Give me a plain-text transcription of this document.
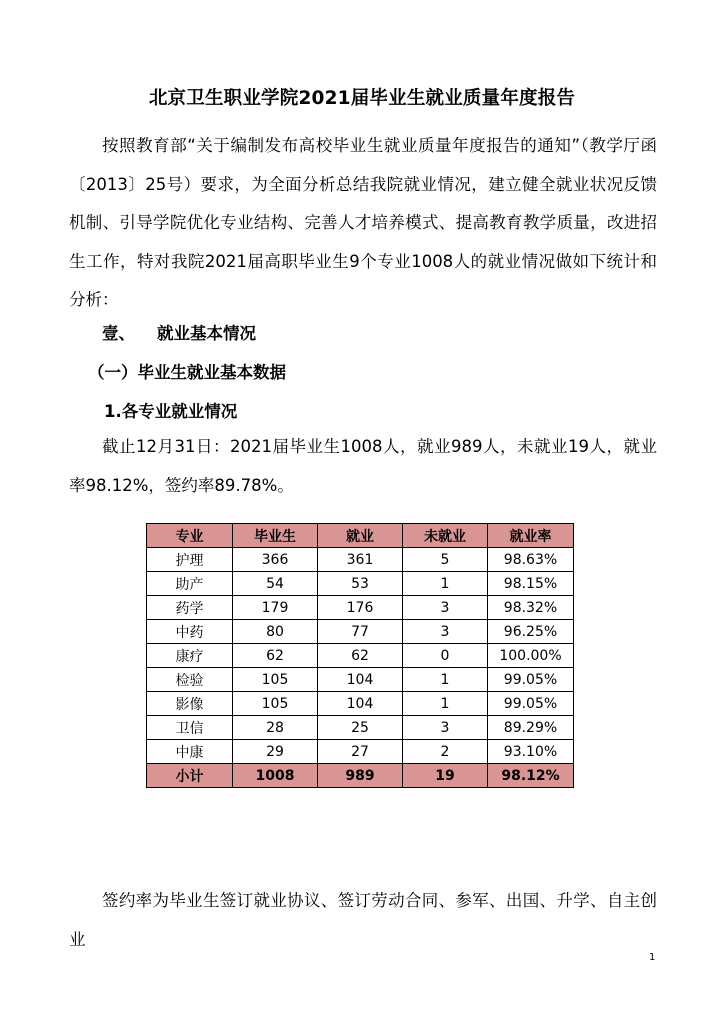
北京卫生职业学院2021届毕业生就业质量年度报告
按照教育部“关于编制发布高校毕业生就业质量年度报告的通知”（教学厅函〔2013〕25号）要求，为全面分析总结我院就业情况，建立健全就业状况反馈机制、引导学院优化专业结构、完善人才培养模式、提高教育教学质量，改进招生工作，特对我院2021届高职毕业生9个专业1008人的就业情况做如下统计和分析：
壹、 就业基本情况
（一）毕业生就业基本数据
1.各专业就业情况
截止12月31日：2021届毕业生1008人，就业989人，未就业19人，就业率98.12%，签约率89.78%。
专业	毕业生	就业	未就业	就业率
护理	366	361	5	98.63%
助产	54	53	1	98.15%
药学	179	176	3	98.32%
中药	80	77	3	96.25%
康疗	62	62	0	100.00%
检验	105	104	1	99.05%
影像	105	104	1	99.05%
卫信	28	25	3	89.29%
中康	29	27	2	93.10%
小计	1008	989	19	98.12%
签约率为毕业生签订就业协议、签订劳动合同、参军、出国、升学、自主创业
1
